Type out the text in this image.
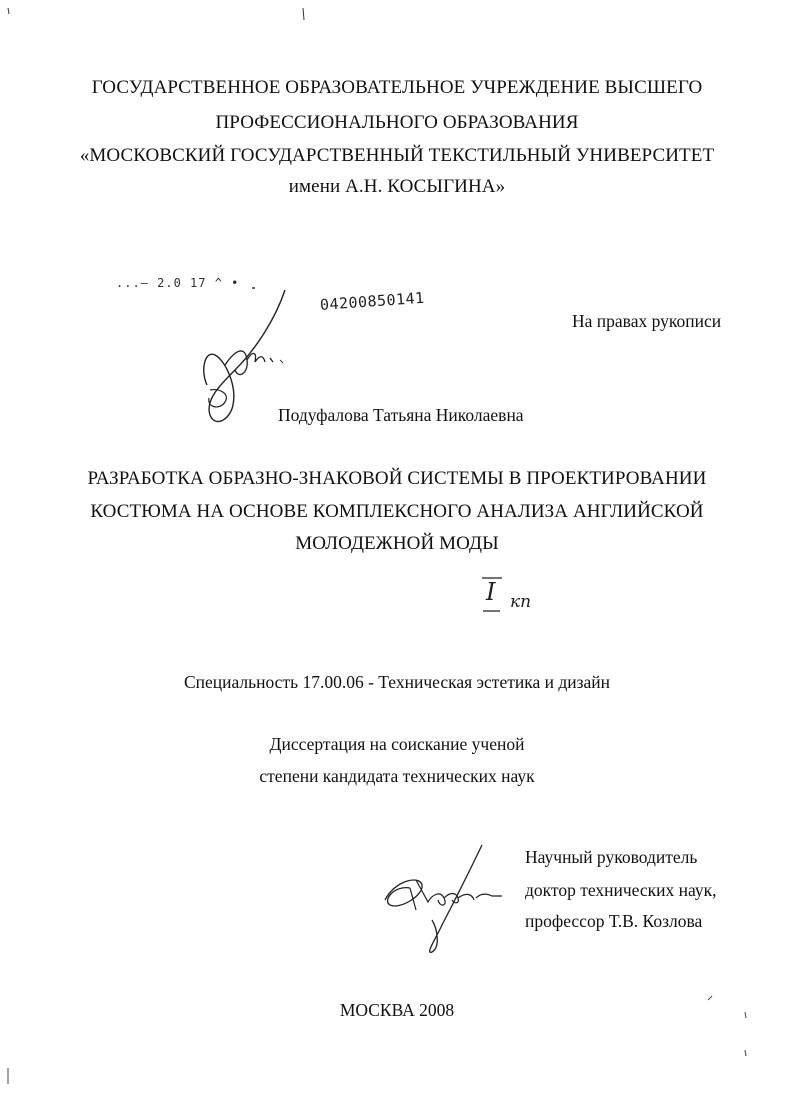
ГОСУДАРСТВЕННОЕ ОБРАЗОВАТЕЛЬНОЕ УЧРЕЖДЕНИЕ ВЫСШЕГО
ПРОФЕССИОНАЛЬНОГО ОБРАЗОВАНИЯ
«МОСКОВСКИЙ ГОСУДАРСТВЕННЫЙ ТЕКСТИЛЬНЫЙ УНИВЕРСИТЕТ
имени А.Н. КОСЫГИНА»
...— 2.0 17 ^ •
04200850141
На правах рукописи
Подуфалова Татьяна Николаевна
РАЗРАБОТКА ОБРАЗНО-ЗНАКОВОЙ СИСТЕМЫ В ПРОЕКТИРОВАНИИ
КОСТЮМА НА ОСНОВЕ КОМПЛЕКСНОГО АНАЛИЗА АНГЛИЙСКОЙ
МОЛОДЕЖНОЙ МОДЫ
I кп
Специальность 17.00.06 - Техническая эстетика и дизайн
Диссертация на соискание ученой
степени кандидата технических наук
Научный руководитель
доктор технических наук,
профессор Т.В. Козлова
МОСКВА 2008
